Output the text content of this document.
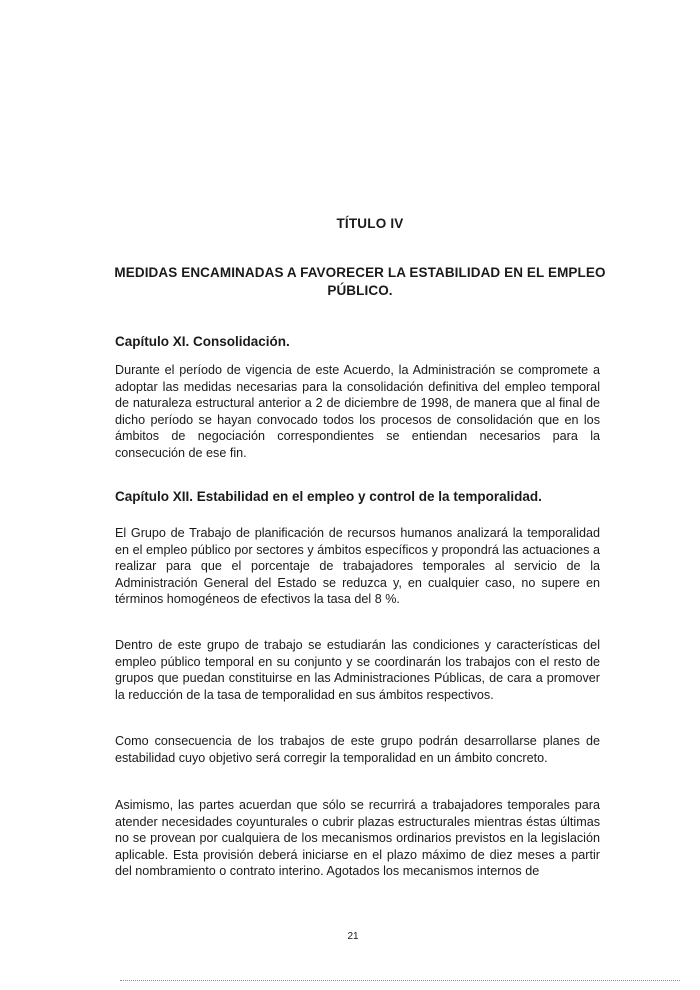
TÍTULO IV
MEDIDAS ENCAMINADAS A FAVORECER LA ESTABILIDAD EN EL EMPLEO PÚBLICO.
Capítulo XI. Consolidación.
Durante el período de vigencia de este Acuerdo, la Administración se compromete a adoptar las medidas necesarias para la consolidación definitiva del empleo temporal de naturaleza estructural anterior a 2 de diciembre de 1998, de manera que al final de dicho período se hayan convocado todos los procesos de consolidación que en los ámbitos de negociación correspondientes se entiendan necesarios para la consecución de ese fin.
Capítulo XII. Estabilidad en el empleo y control de la temporalidad.
El Grupo de Trabajo de planificación de recursos humanos analizará la temporalidad en el empleo público por sectores y ámbitos específicos y propondrá las actuaciones a realizar para que el porcentaje de trabajadores temporales al servicio de la Administración General del Estado se reduzca y, en cualquier caso, no supere en términos homogéneos de efectivos la tasa del 8 %.
Dentro de este grupo de trabajo se estudiarán las condiciones y características del empleo público temporal en su conjunto y se coordinarán los trabajos con el resto de grupos que puedan constituirse en las Administraciones Públicas, de cara a promover la reducción de la tasa de temporalidad en sus ámbitos respectivos.
Como consecuencia de los trabajos de este grupo podrán desarrollarse planes de estabilidad cuyo objetivo será corregir la temporalidad en un ámbito concreto.
Asimismo, las partes acuerdan que sólo se recurrirá a trabajadores temporales para atender necesidades coyunturales o cubrir plazas estructurales mientras éstas últimas no se provean por cualquiera de los mecanismos ordinarios previstos en la legislación aplicable. Esta provisión deberá iniciarse en el plazo máximo de diez meses a partir del nombramiento o contrato interino. Agotados los mecanismos internos de
21
